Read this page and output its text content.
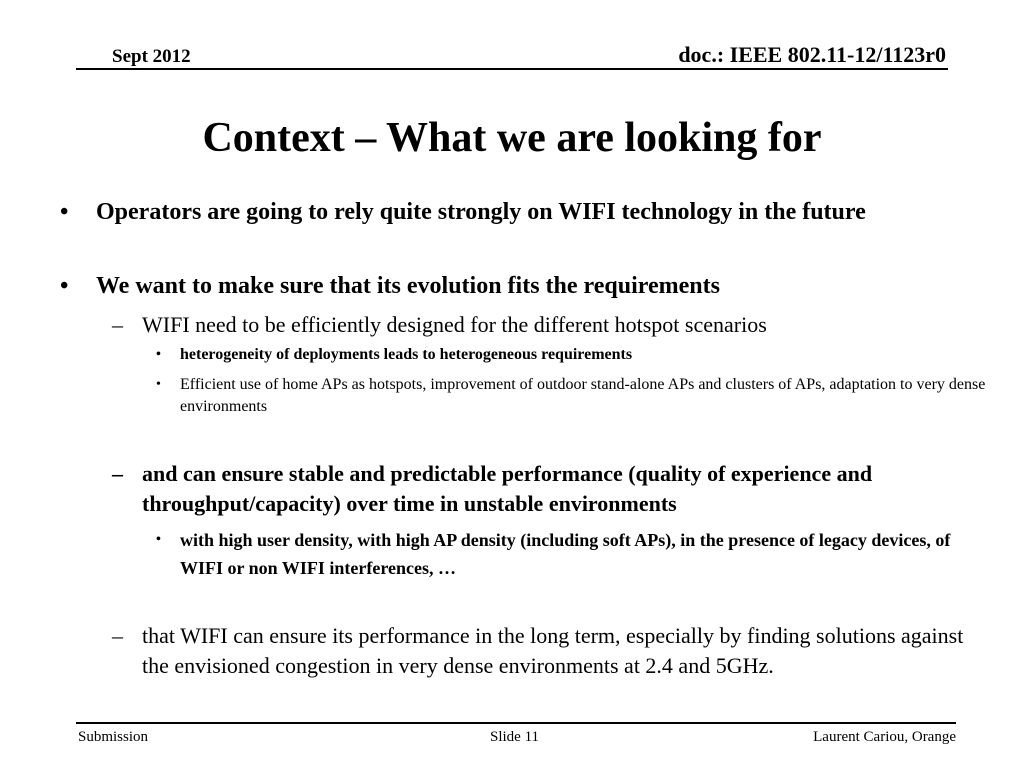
Sept 2012	doc.: IEEE 802.11-12/1123r0
Context – What we are looking for
• Operators are going to rely quite strongly on WIFI technology in the future
• We want to make sure that its evolution fits the requirements
– WIFI need to be efficiently designed for the different hotspot scenarios
• heterogeneity of deployments leads to heterogeneous requirements
• Efficient use of home APs as hotspots, improvement of outdoor stand-alone APs and clusters of APs, adaptation to very dense environments
– and can ensure stable and predictable performance (quality of experience and throughput/capacity) over time in unstable environments
• with high user density, with high AP density (including soft APs), in the presence of legacy devices, of WIFI or non WIFI interferences, …
– that WIFI can ensure its performance in the long term, especially by finding solutions against the envisioned congestion in very dense environments at 2.4 and 5GHz.
Submission	Slide 11	Laurent Cariou, Orange
